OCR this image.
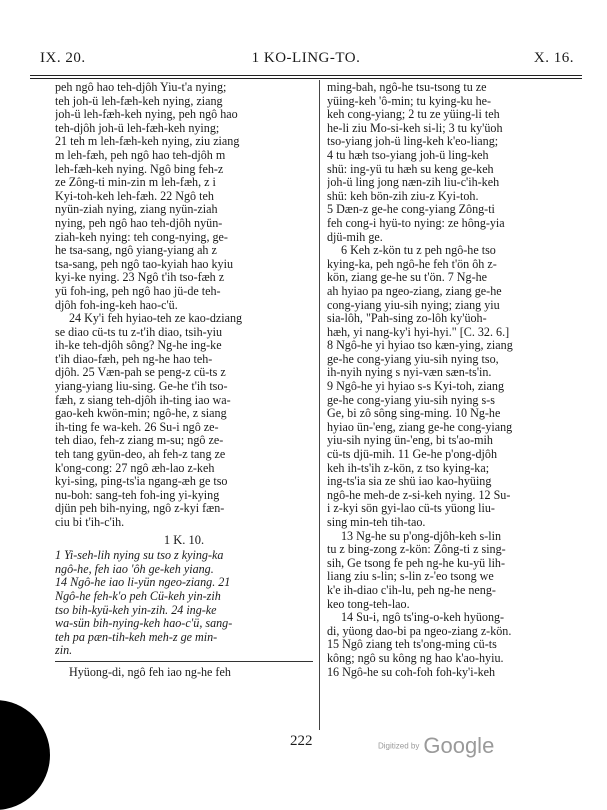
IX. 20.	1 KO-LING-TO.	X. 16.
peh ngô hao teh-djôh Yiu-t'a nying;
teh joh-ü leh-fæh-keh nying, ziang
joh-ü leh-fæh-keh nying, peh ngô hao
teh-djôh joh-ü leh-fæh-keh nying;
21 teh m leh-fæh-keh nying, ziu ziang
m leh-fæh, peh ngô hao teh-djôh m
leh-fæh-keh nying. Ngô bing feh-z
ze Zông-ti min-zin m leh-fæh, z i
Kyi-toh-keh leh-fæh. 22 Ngô teh
nyün-ziah nying, ziang nyün-ziah
nying, peh ngô hao teh-djôh nyün-
ziah-keh nying: teh cong-nying, ge-
he tsa-sang, ngô yiang-yiang ah z
tsa-sang, peh ngô tao-kyiah hao kyiu
kyi-ke nying. 23 Ngô t'ih tso-fæh z
yü foh-ing, peh ngô hao jü-de teh-
djôh foh-ing-keh hao-c'ü.
24 Ky'i feh hyiao-teh ze kao-dziang
se diao cü-ts tu z-t'ih diao, tsih-yiu
ih-ke teh-djôh sông? Ng-he ing-ke
t'ih diao-fæh, peh ng-he hao teh-
djôh. 25 Væn-pah se peng-z cü-ts z
yiang-yiang liu-sing. Ge-he t'ih tso-
fæh, z siang teh-djôh ih-ting iao wa-
gao-keh kwön-min; ngô-he, z siang
ih-ting fe wa-keh. 26 Su-i ngô ze-
teh diao, feh-z ziang m-su; ngô ze-
teh tang gyün-deo, ah feh-z tang ze
k'ong-cong: 27 ngô æh-lao z-keh
kyi-sing, ping-ts'ia ngang-æh ge tso
nu-boh: sang-teh foh-ing yi-kying
djün peh bih-nying, ngô z-kyi fæn-
ciu bi t'ih-c'ih.
1 K. 10.
1 Yi-seh-lih nying su tso z kying-ka
ngô-he, feh iao 'ôh ge-keh yiang.
14 Ngô-he iao li-yün ngeo-ziang. 21
Ngô-he feh-k'o peh Cü-keh yin-zih
tso bih-kyü-keh yin-zih. 24 ing-ke
wa-sün bih-nying-keh hao-c'ü, sang-
teh pa pæn-tih-keh meh-z ge min-
zin.
Hyüong-di, ngô feh iao ng-he feh
ming-bah, ngô-he tsu-tsong tu ze
yüing-keh 'ô-min; tu kying-ku he-
keh cong-yiang; 2 tu ze yüing-li teh
he-li ziu Mo-si-keh si-li; 3 tu ky'üoh
tso-yiang joh-ü ling-keh k'eo-liang;
4 tu hæh tso-yiang joh-ü ling-keh
shü: ing-yü tu hæh su keng ge-keh
joh-ü ling jong næn-zih liu-c'ih-keh
shü: keh bön-zih ziu-z Kyi-toh.
5 Dæn-z ge-he cong-yiang Zông-ti
feh cong-i hyü-to nying: ze hông-yia
djü-mih ge.
6 Keh z-kön tu z peh ngô-he tso
kying-ka, peh ngô-he feh t'ön ôh z-
kön, ziang ge-he su t'ön. 7 Ng-he
ah hyiao pa ngeo-ziang, ziang ge-he
cong-yiang yiu-sih nying; ziang yiu
sia-lôh, "Pah-sing zo-lôh ky'üoh-
hæh, yi nang-ky'i hyi-hyi." [C. 32. 6.]
8 Ngô-he yi hyiao tso kæn-ying, ziang
ge-he cong-yiang yiu-sih nying tso,
ih-nyih nying s nyi-væn sæn-ts'in.
9 Ngô-he yi hyiao s-s Kyi-toh, ziang
ge-he cong-yiang yiu-sih nying s-s
Ge, bi zô sông sing-ming. 10 Ng-he
hyiao ün-'eng, ziang ge-he cong-yiang
yiu-sih nying ün-'eng, bi ts'ao-mih
cü-ts djü-mih. 11 Ge-he p'ong-djôh
keh ih-ts'ih z-kön, z tso kying-ka;
ing-ts'ia sia ze shü iao kao-hyüing
ngô-he meh-de z-si-keh nying. 12 Su-
i z-kyi sön gyi-lao cü-ts yüong liu-
sing min-teh tih-tao.
13 Ng-he su p'ong-djôh-keh s-lin
tu z bing-zong z-kön: Zông-ti z sing-
sih, Ge tsong fe peh ng-he ku-yü lih-
liang ziu s-lin; s-lin z-'eo tsong we
k'e ih-diao c'ih-lu, peh ng-he neng-
keo tong-teh-lao.
14 Su-i, ngô ts'ing-o-keh hyüong-
di, yüong dao-bi pa ngeo-ziang z-kön.
15 Ngô ziang teh ts'ong-ming cü-ts
kông; ngô su kông ng hao k'ao-hyiu.
16 Ngô-he su coh-foh foh-ky'i-keh
222	Digitized by Google
